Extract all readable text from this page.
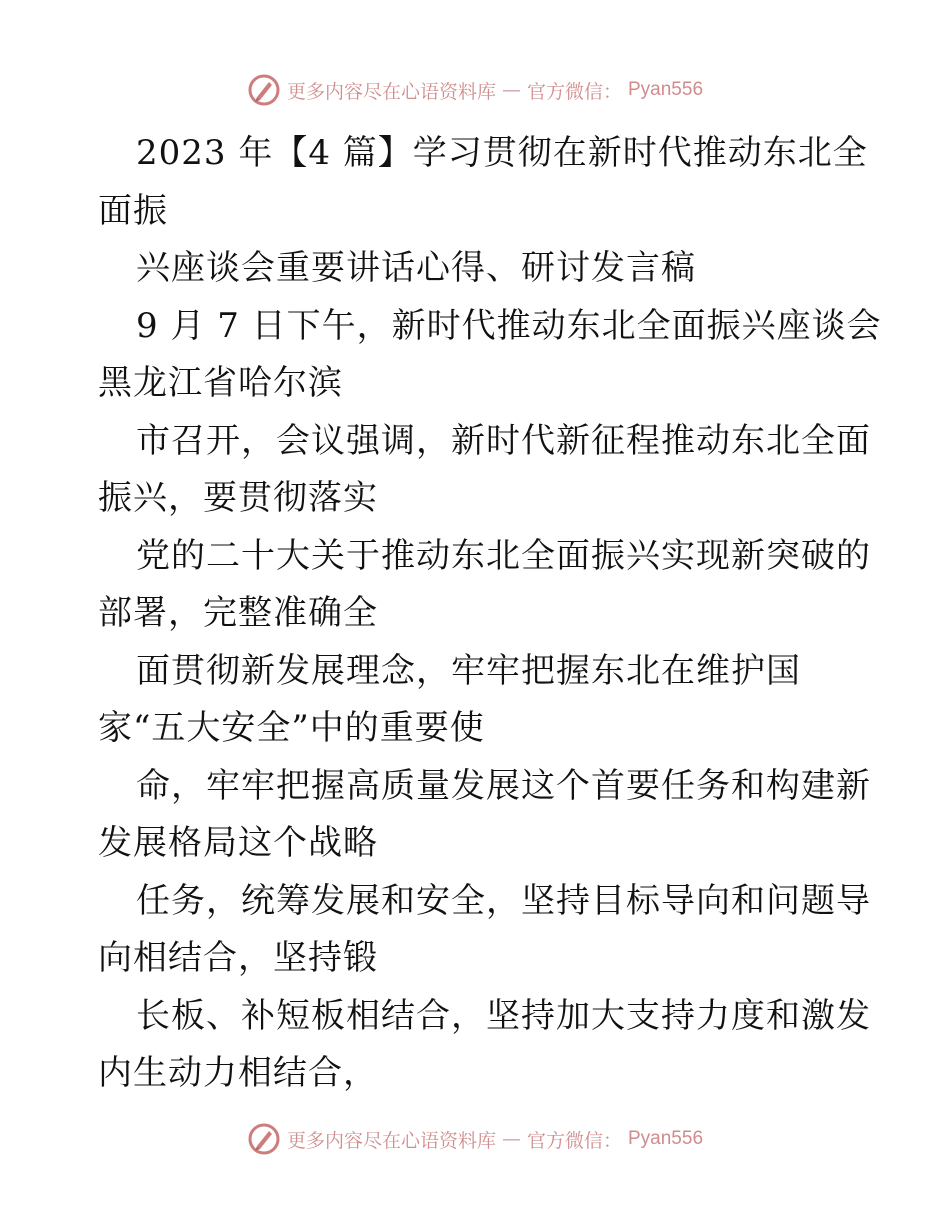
更多内容尽在心语资料库 — 官方微信： Pyan556
2023 年【4 篇】学习贯彻在新时代推动东北全
面振
兴座谈会重要讲话心得、研讨发言稿
9 月 7 日下午，新时代推动东北全面振兴座谈会
黑龙江省哈尔滨
市召开，会议强调，新时代新征程推动东北全面
振兴，要贯彻落实
党的二十大关于推动东北全面振兴实现新突破的
部署，完整准确全
面贯彻新发展理念，牢牢把握东北在维护国
家“五大安全”中的重要使
命，牢牢把握高质量发展这个首要任务和构建新
发展格局这个战略
任务，统筹发展和安全，坚持目标导向和问题导
向相结合，坚持锻
长板、补短板相结合，坚持加大支持力度和激发
内生动力相结合，
更多内容尽在心语资料库 — 官方微信： Pyan556
